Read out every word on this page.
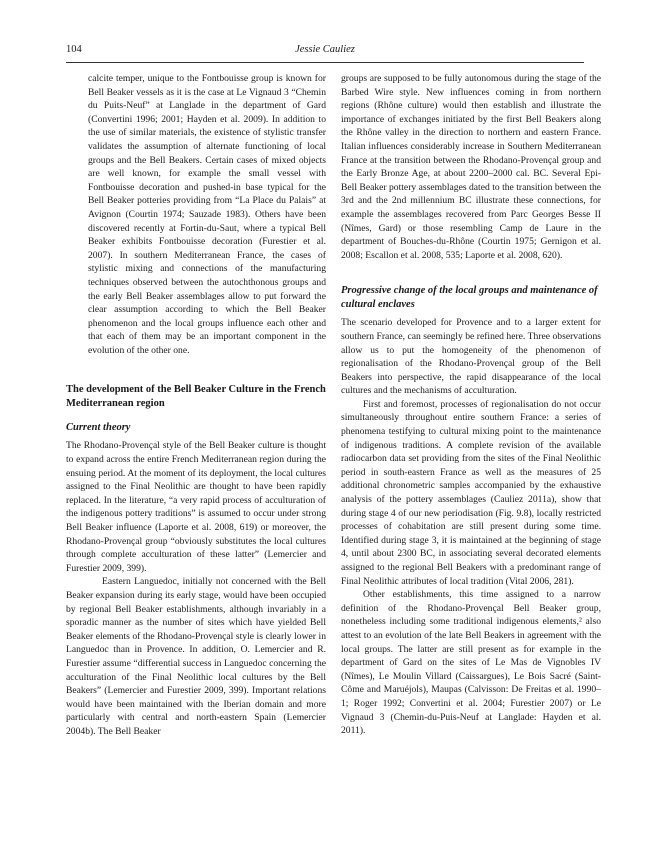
104	Jessie Cauliez

calcite temper, unique to the Fontbouisse group is known for Bell Beaker vessels as it is the case at Le Vignaud 3 “Chemin du Puits-Neuf” at Langlade in the department of Gard (Convertini 1996; 2001; Hayden et al. 2009). In addition to the use of similar materials, the existence of stylistic transfer validates the assumption of alternate functioning of local groups and the Bell Beakers. Certain cases of mixed objects are well known, for example the small vessel with Fontbouisse decoration and pushed-in base typical for the Bell Beaker potteries providing from “La Place du Palais” at Avignon (Courtin 1974; Sauzade 1983). Others have been discovered recently at Fortin-du-Saut, where a typical Bell Beaker exhibits Fontbouisse decoration (Furestier et al. 2007). In southern Mediterranean France, the cases of stylistic mixing and connections of the manufacturing techniques observed between the autochthonous groups and the early Bell Beaker assemblages allow to put forward the clear assumption according to which the Bell Beaker phenomenon and the local groups influence each other and that each of them may be an important component in the evolution of the other one.

The development of the Bell Beaker Culture in the French Mediterranean region

Current theory

The Rhodano-Provençal style of the Bell Beaker culture is thought to expand across the entire French Mediterranean region during the ensuing period. At the moment of its deployment, the local cultures assigned to the Final Neolithic are thought to have been rapidly replaced. In the literature, “a very rapid process of acculturation of the indigenous pottery traditions” is assumed to occur under strong Bell Beaker influence (Laporte et al. 2008, 619) or moreover, the Rhodano-Provençal group “obviously substitutes the local cultures through complete acculturation of these latter” (Lemercier and Furestier 2009, 399).

Eastern Languedoc, initially not concerned with the Bell Beaker expansion during its early stage, would have been occupied by regional Bell Beaker establishments, although invariably in a sporadic manner as the number of sites which have yielded Bell Beaker elements of the Rhodano-Provençal style is clearly lower in Languedoc than in Provence. In addition, O. Lemercier and R. Furestier assume “differential success in Languedoc concerning the acculturation of the Final Neolithic local cultures by the Bell Beakers” (Lemercier and Furestier 2009, 399). Important relations would have been maintained with the Iberian domain and more particularly with central and north-eastern Spain (Lemercier 2004b). The Bell Beaker

groups are supposed to be fully autonomous during the stage of the Barbed Wire style. New influences coming in from northern regions (Rhône culture) would then establish and illustrate the importance of exchanges initiated by the first Bell Beakers along the Rhône valley in the direction to northern and eastern France. Italian influences considerably increase in Southern Mediterranean France at the transition between the Rhodano-Provençal group and the Early Bronze Age, at about 2200–2000 cal. BC. Several Epi-Bell Beaker pottery assemblages dated to the transition between the 3rd and the 2nd millennium BC illustrate these connections, for example the assemblages recovered from Parc Georges Besse II (Nîmes, Gard) or those resembling Camp de Laure in the department of Bouches-du-Rhône (Courtin 1975; Gernigon et al. 2008; Escallon et al. 2008, 535; Laporte et al. 2008, 620).

Progressive change of the local groups and maintenance of cultural enclaves

The scenario developed for Provence and to a larger extent for southern France, can seemingly be refined here. Three observations allow us to put the homogeneity of the phenomenon of regionalisation of the Rhodano-Provençal group of the Bell Beakers into perspective, the rapid disappearance of the local cultures and the mechanisms of acculturation.

First and foremost, processes of regionalisation do not occur simultaneously throughout entire southern France: a series of phenomena testifying to cultural mixing point to the maintenance of indigenous traditions. A complete revision of the available radiocarbon data set providing from the sites of the Final Neolithic period in south-eastern France as well as the measures of 25 additional chronometric samples accompanied by the exhaustive analysis of the pottery assemblages (Cauliez 2011a), show that during stage 4 of our new periodisation (Fig. 9.8), locally restricted processes of cohabitation are still present during some time. Identified during stage 3, it is maintained at the beginning of stage 4, until about 2300 BC, in associating several decorated elements assigned to the regional Bell Beakers with a predominant range of Final Neolithic attributes of local tradition (Vital 2006, 281).

Other establishments, this time assigned to a narrow definition of the Rhodano-Provençal Bell Beaker group, nonetheless including some traditional indigenous elements,² also attest to an evolution of the late Bell Beakers in agreement with the local groups. The latter are still present as for example in the department of Gard on the sites of Le Mas de Vignobles IV (Nîmes), Le Moulin Villard (Caissargues), Le Bois Sacré (Saint-Côme and Maruéjols), Maupas (Calvisson: De Freitas et al. 1990–1; Roger 1992; Convertini et al. 2004; Furestier 2007) or Le Vignaud 3 (Chemin-du-Puis-Neuf at Langlade: Hayden et al. 2011).
